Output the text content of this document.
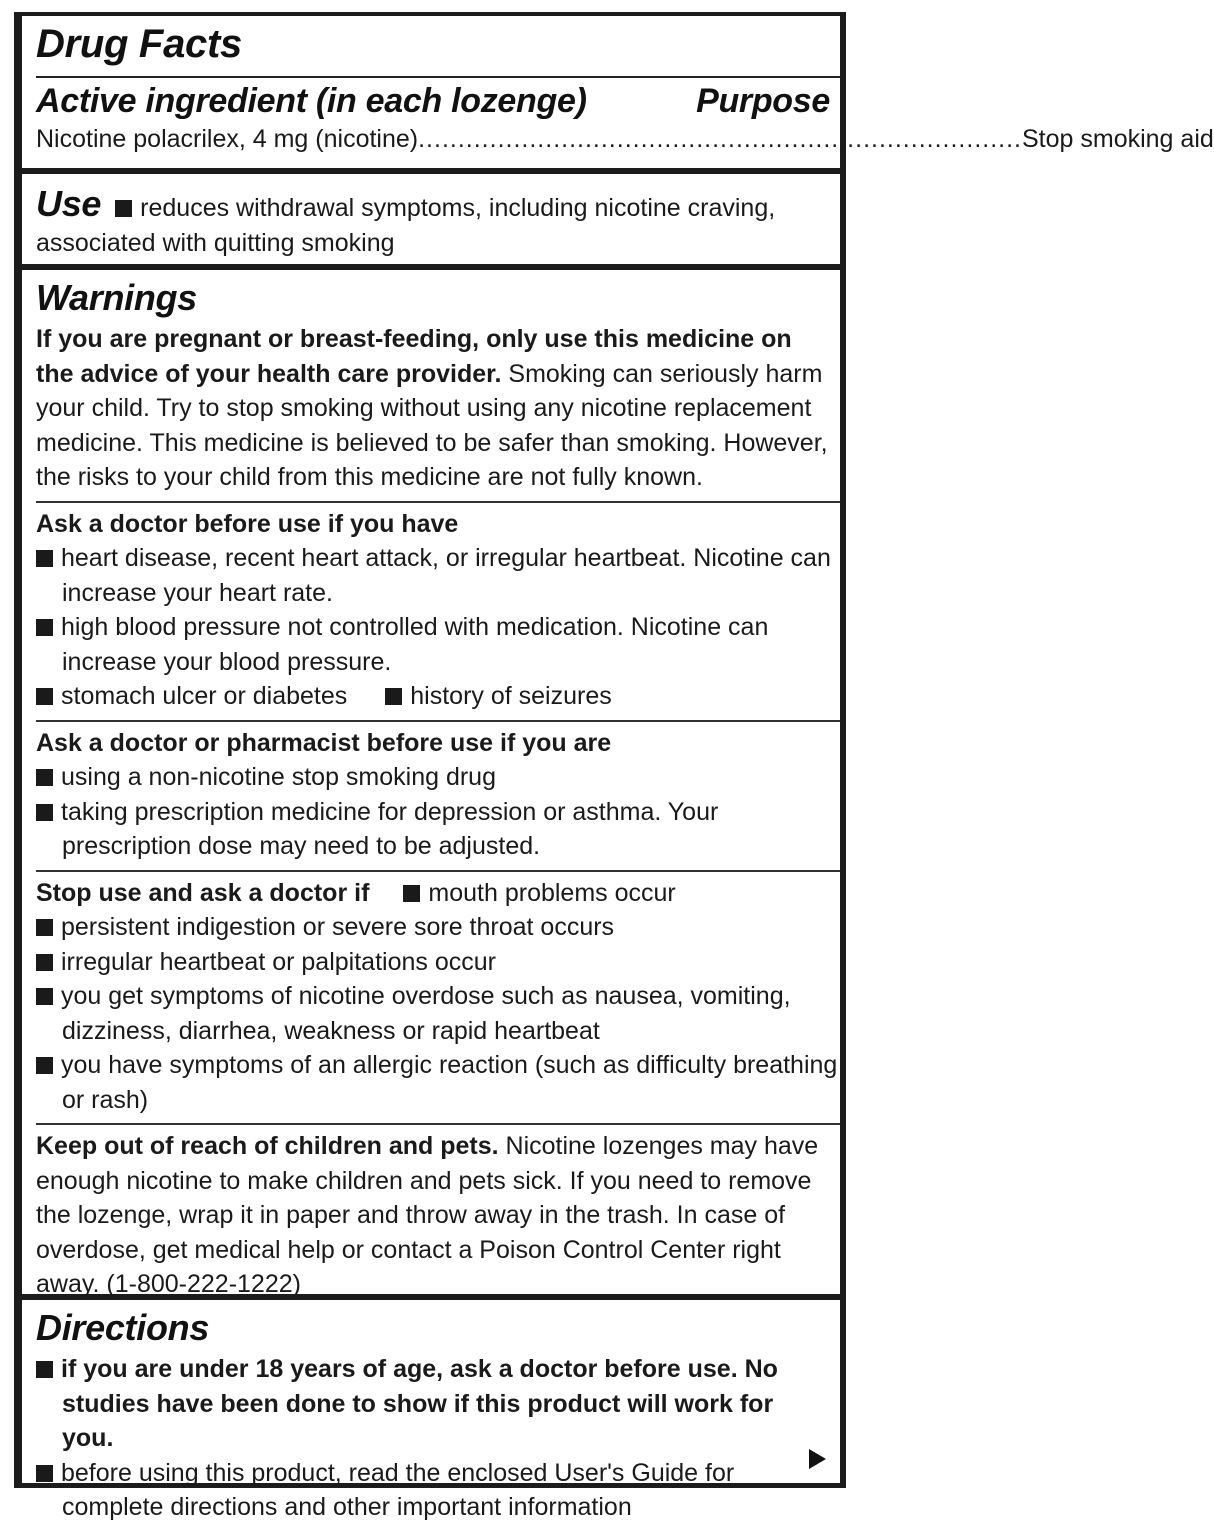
Drug Facts
Active ingredient (in each lozenge)	Purpose
Nicotine polacrilex, 4 mg (nicotine)
.....	Stop smoking aid
Use reduces withdrawal symptoms, including nicotine craving, associated with quitting smoking
Warnings
If you are pregnant or breast-feeding, only use this medicine on the advice of your health care provider. Smoking can seriously harm your child. Try to stop smoking without using any nicotine replacement medicine. This medicine is believed to be safer than smoking. However, the risks to your child from this medicine are not fully known.
Ask a doctor before use if you have
heart disease, recent heart attack, or irregular heartbeat. Nicotine can increase your heart rate.
high blood pressure not controlled with medication. Nicotine can increase your blood pressure.
stomach ulcer or diabetes	history of seizures
Ask a doctor or pharmacist before use if you are
using a non-nicotine stop smoking drug
taking prescription medicine for depression or asthma. Your prescription dose may need to be adjusted.
Stop use and ask a doctor if mouth problems occur
persistent indigestion or severe sore throat occurs
irregular heartbeat or palpitations occur
you get symptoms of nicotine overdose such as nausea, vomiting, dizziness, diarrhea, weakness or rapid heartbeat
you have symptoms of an allergic reaction (such as difficulty breathing or rash)
Keep out of reach of children and pets. Nicotine lozenges may have enough nicotine to make children and pets sick. If you need to remove the lozenge, wrap it in paper and throw away in the trash. In case of overdose, get medical help or contact a Poison Control Center right away. (1-800-222-1222)
Directions
if you are under 18 years of age, ask a doctor before use. No studies have been done to show if this product will work for you.
before using this product, read the enclosed User's Guide for complete directions and other important information
